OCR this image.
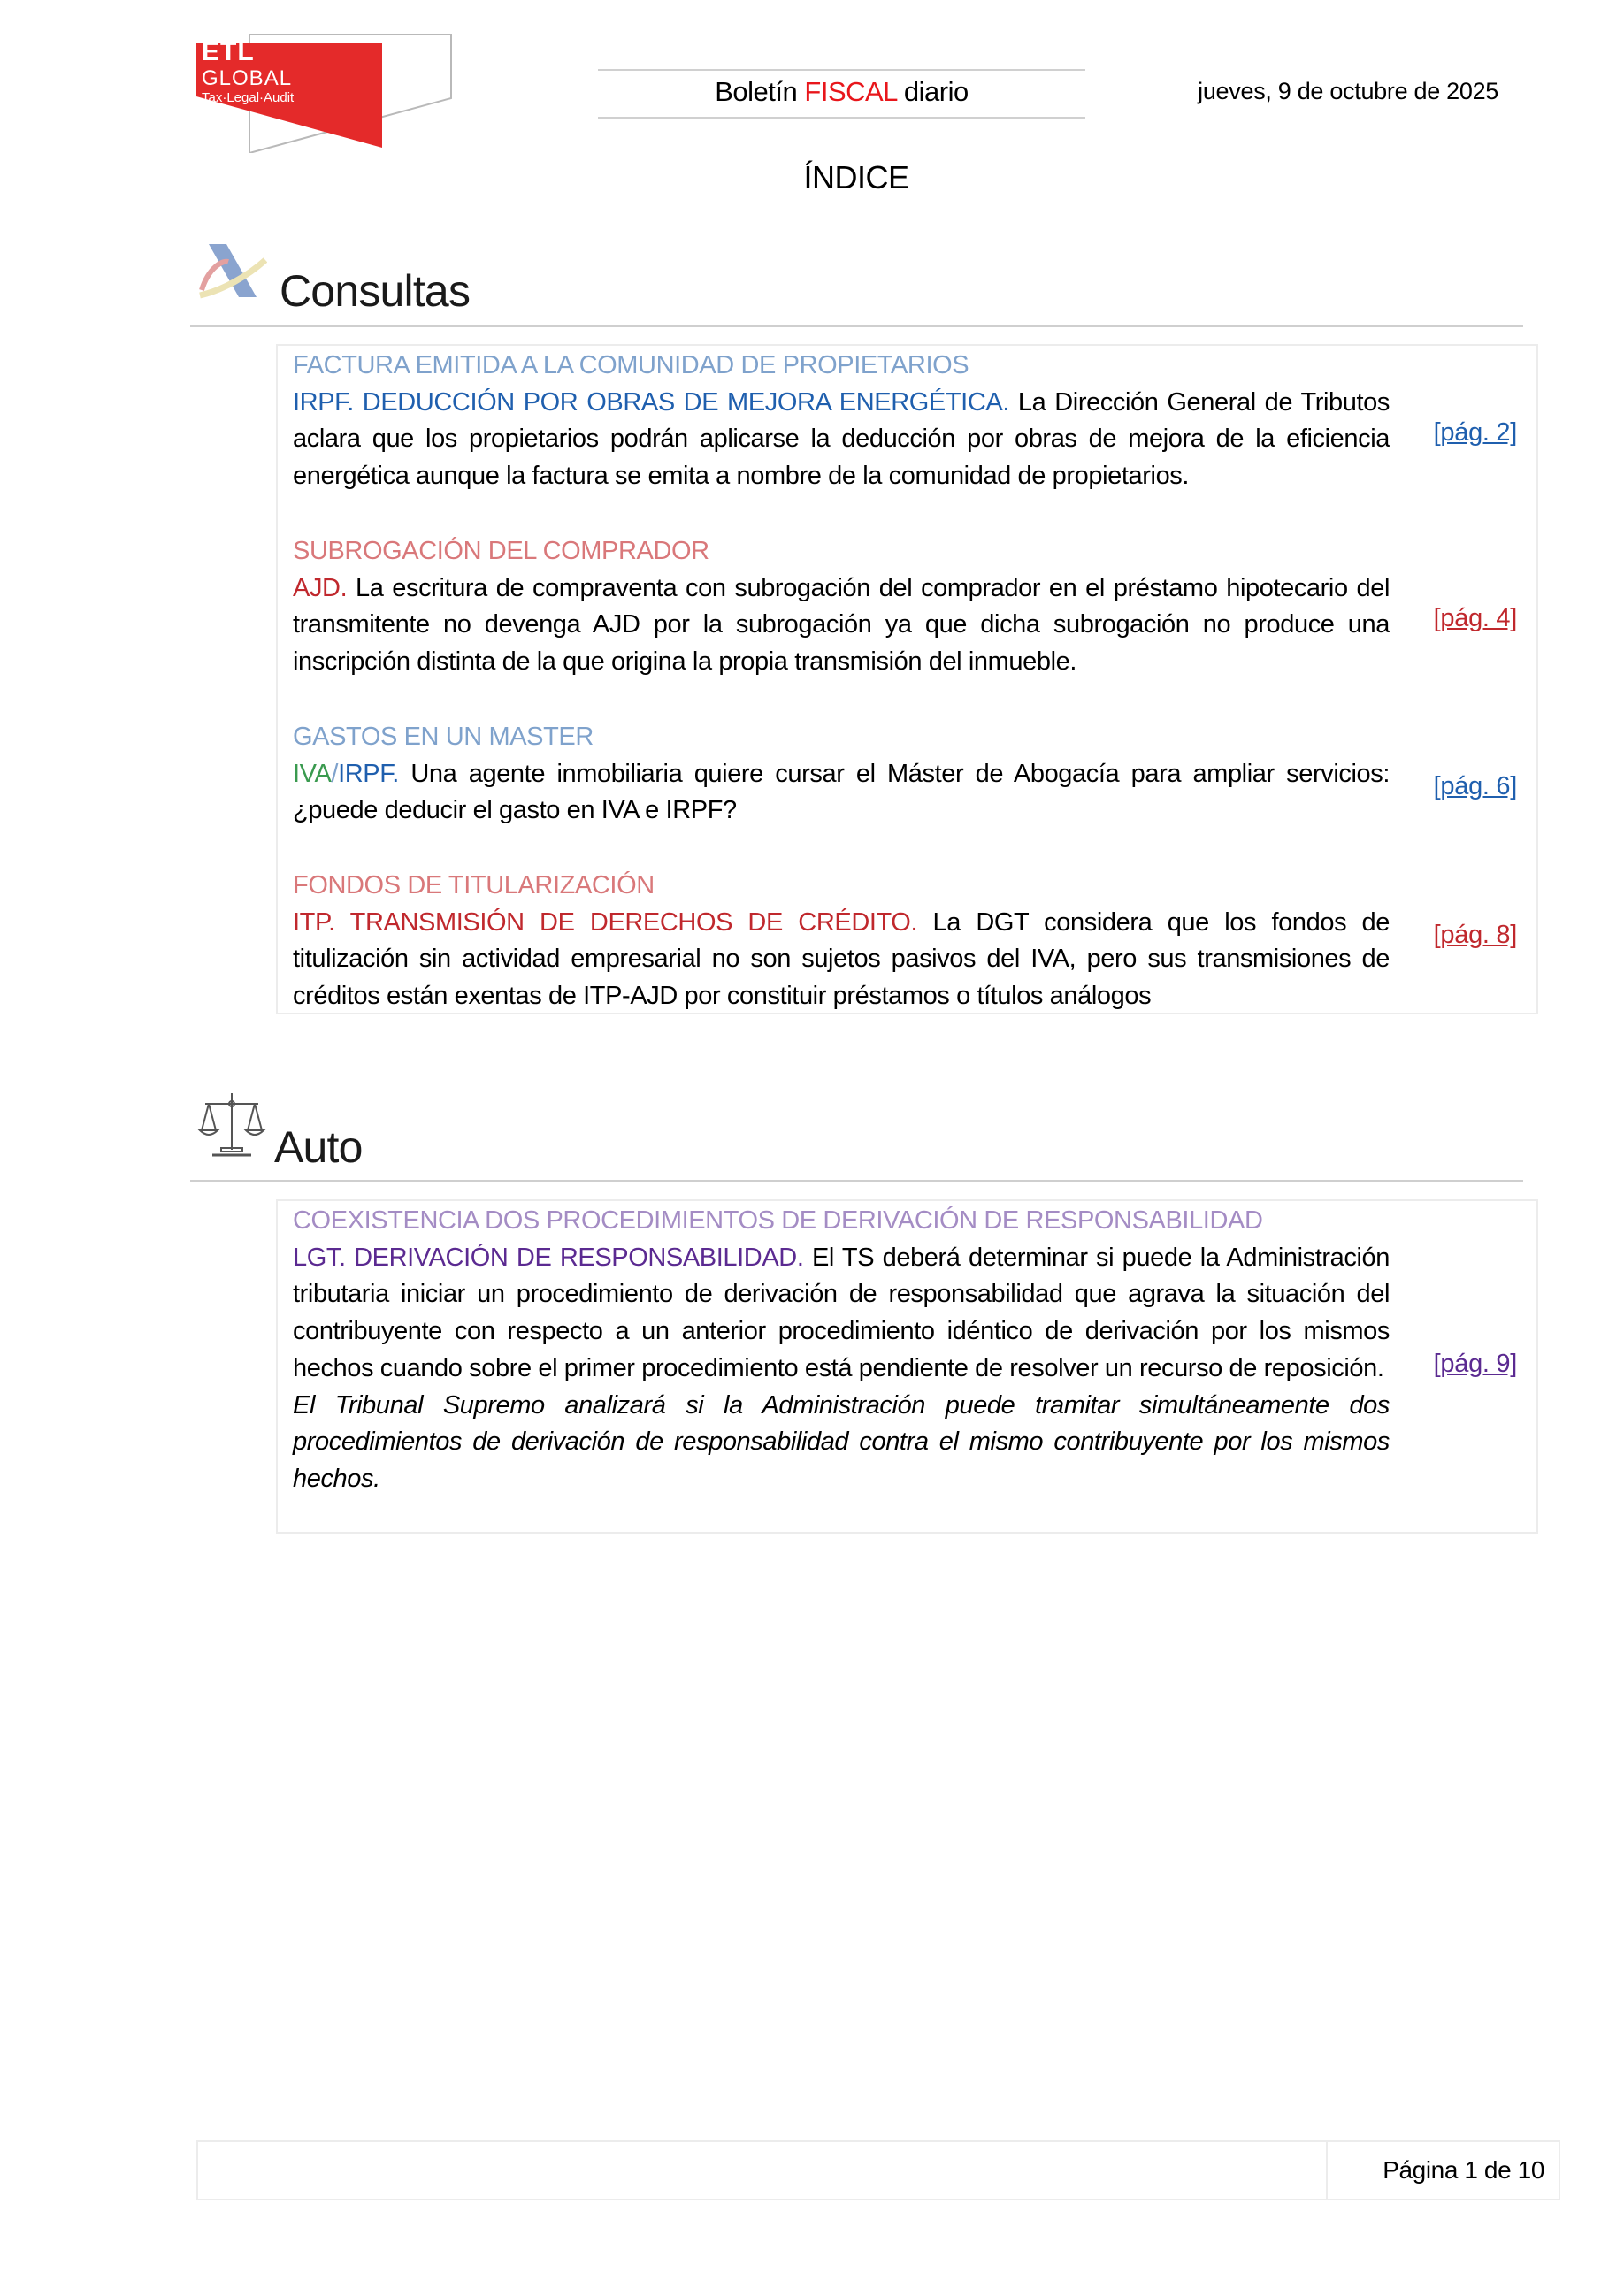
ETL
GLOBAL
Tax·Legal·Audit	Boletín FISCAL diario	jueves, 9 de octubre de 2025
ÍNDICE
Consultas
FACTURA EMITIDA A LA COMUNIDAD DE PROPIETARIOS
IRPF. DEDUCCIÓN POR OBRAS DE MEJORA ENERGÉTICA. La Dirección General de Tributos aclara que los propietarios podrán aplicarse la deducción por obras de mejora de la eficiencia energética aunque la factura se emita a nombre de la comunidad de propietarios.
[pág. 2]
SUBROGACIÓN DEL COMPRADOR
AJD. La escritura de compraventa con subrogación del comprador en el préstamo hipotecario del transmitente no devenga AJD por la subrogación ya que dicha subrogación no produce una inscripción distinta de la que origina la propia transmisión del inmueble.
[pág. 4]
GASTOS EN UN MASTER
IVA/IRPF. Una agente inmobiliaria quiere cursar el Máster de Abogacía para ampliar servicios: ¿puede deducir el gasto en IVA e IRPF?
[pág. 6]
FONDOS DE TITULARIZACIÓN
ITP. TRANSMISIÓN DE DERECHOS DE CRÉDITO. La DGT considera que los fondos de titulización sin actividad empresarial no son sujetos pasivos del IVA, pero sus transmisiones de créditos están exentas de ITP-AJD por constituir préstamos o títulos análogos
[pág. 8]
Auto
COEXISTENCIA DOS PROCEDIMIENTOS DE DERIVACIÓN DE RESPONSABILIDAD
LGT. DERIVACIÓN DE RESPONSABILIDAD. El TS deberá determinar si puede la Administración tributaria iniciar un procedimiento de derivación de responsabilidad que agrava la situación del contribuyente con respecto a un anterior procedimiento idéntico de derivación por los mismos hechos cuando sobre el primer procedimiento está pendiente de resolver un recurso de reposición.
El Tribunal Supremo analizará si la Administración puede tramitar simultáneamente dos procedimientos de derivación de responsabilidad contra el mismo contribuyente por los mismos hechos.
[pág. 9]
Página 1 de 10
